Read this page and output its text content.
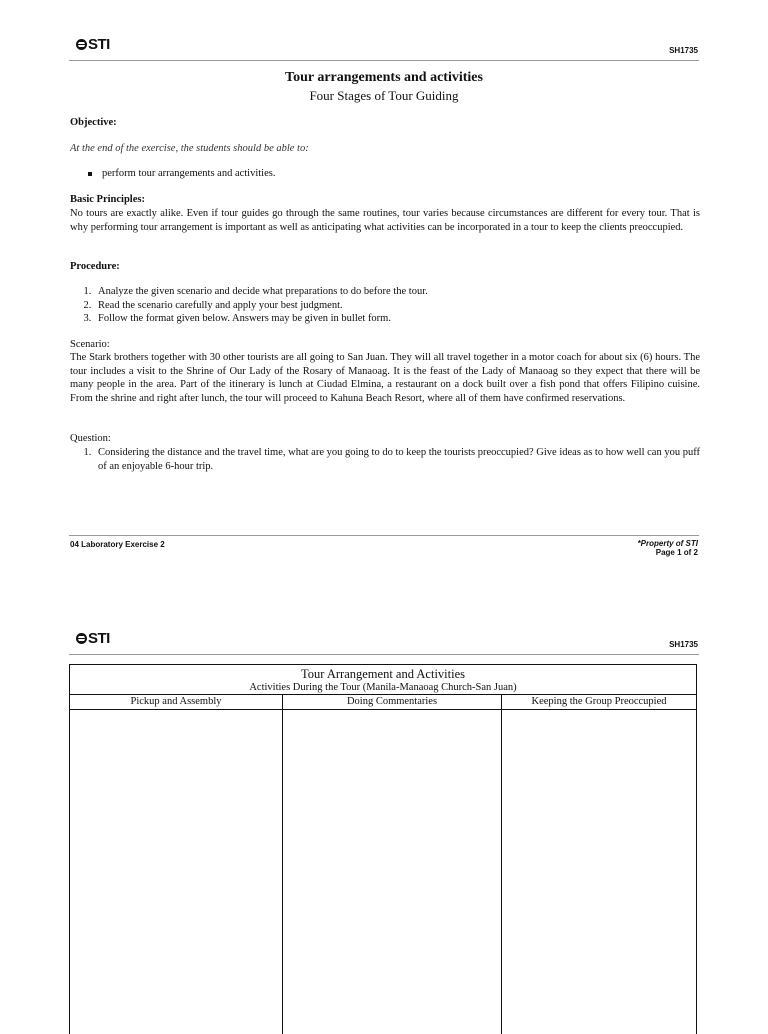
STI	SH1735
Tour arrangements and activities
Four Stages of Tour Guiding
Objective:
At the end of the exercise, the students should be able to:
perform tour arrangements and activities.
Basic Principles:
No tours are exactly alike. Even if tour guides go through the same routines, tour varies because circumstances are different for every tour. That is why performing tour arrangement is important as well as anticipating what activities can be incorporated in a tour to keep the clients preoccupied.
Procedure:
1. Analyze the given scenario and decide what preparations to do before the tour.
2. Read the scenario carefully and apply your best judgment.
3. Follow the format given below. Answers may be given in bullet form.
Scenario:
The Stark brothers together with 30 other tourists are all going to San Juan. They will all travel together in a motor coach for about six (6) hours. The tour includes a visit to the Shrine of Our Lady of the Rosary of Manaoag. It is the feast of the Lady of Manaoag so they expect that there will be many people in the area. Part of the itinerary is lunch at Ciudad Elmina, a restaurant on a dock built over a fish pond that offers Filipino cuisine. From the shrine and right after lunch, the tour will proceed to Kahuna Beach Resort, where all of them have confirmed reservations.
Question:
1. Considering the distance and the travel time, what are you going to do to keep the tourists preoccupied? Give ideas as to how well can you puff of an enjoyable 6-hour trip.
04 Laboratory Exercise 2	*Property of STI
Page 1 of 2
STI	SH1735
Tour Arrangement and Activities
Activities During the Tour (Manila-Manaoag Church-San Juan)
Pickup and Assembly	Doing Commentaries	Keeping the Group Preoccupied
